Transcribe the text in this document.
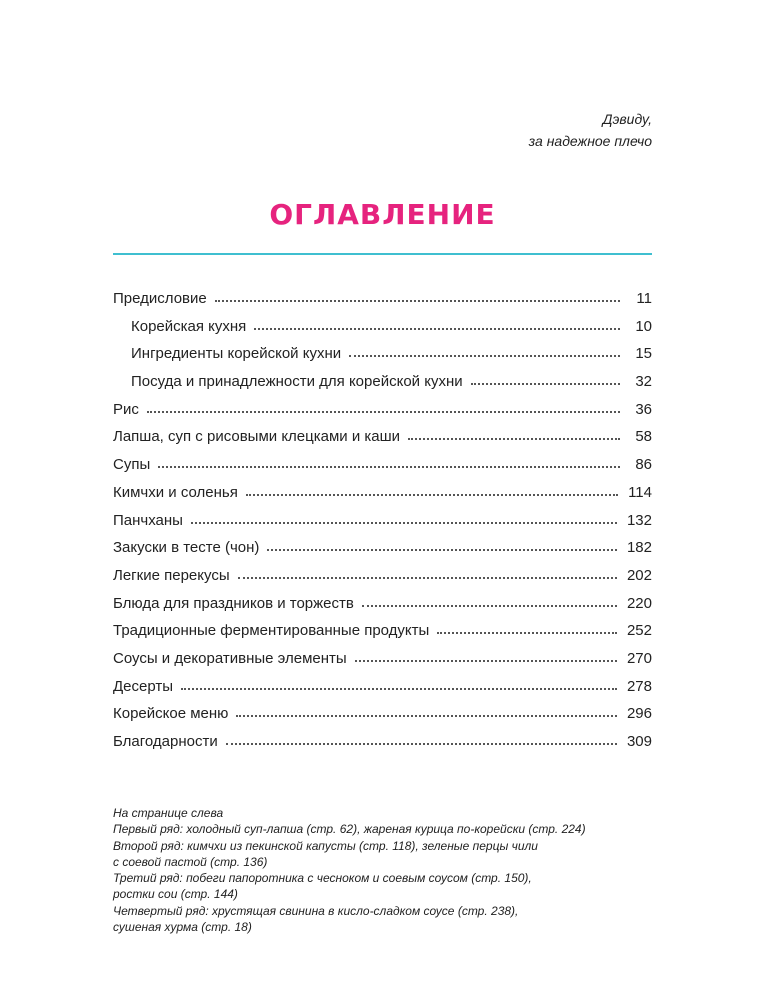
Дэвиду,
за надежное плечо
ОГЛАВЛЕНИЕ
Предисловие	11
Корейская кухня	10
Ингредиенты корейской кухни	15
Посуда и принадлежности для корейской кухни	32
Рис	36
Лапша, суп с рисовыми клецками и каши	58
Супы	86
Кимчхи и соленья	114
Панчханы	132
Закуски в тесте (чон)	182
Легкие перекусы	202
Блюда для праздников и торжеств	220
Традиционные ферментированные продукты	252
Соусы и декоративные элементы	270
Десерты	278
Корейское меню	296
Благодарности	309
На странице слева
Первый ряд: холодный суп-лапша (стр. 62), жареная курица по-корейски (стр. 224)
Второй ряд: кимчхи из пекинской капусты (стр. 118), зеленые перцы чили
с соевой пастой (стр. 136)
Третий ряд: побеги папоротника с чесноком и соевым соусом (стр. 150),
ростки сои (стр. 144)
Четвертый ряд: хрустящая свинина в кисло-сладком соусе (стр. 238),
сушеная хурма (стр. 18)
